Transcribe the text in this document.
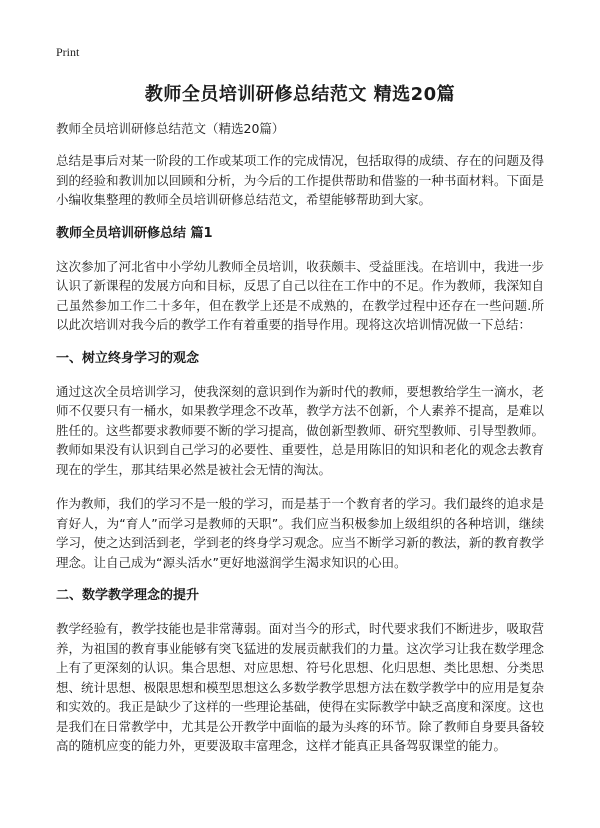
Print
教师全员培训研修总结范文 精选20篇
教师全员培训研修总结范文（精选20篇）

总结是事后对某一阶段的工作或某项工作的完成情况，包括取得的成绩、存在的问题及得到的经验和教训加以回顾和分析，为今后的工作提供帮助和借鉴的一种书面材料。下面是小编收集整理的教师全员培训研修总结范文，希望能够帮助到大家。

教师全员培训研修总结 篇1

这次参加了河北省中小学幼儿教师全员培训，收获颇丰、受益匪浅。在培训中，我进一步认识了新课程的发展方向和目标，反思了自己以往在工作中的不足。作为教师，我深知自己虽然参加工作二十多年，但在教学上还是不成熟的，在教学过程中还存在一些问题.所以此次培训对我今后的教学工作有着重要的指导作用。现将这次培训情况做一下总结：

一、树立终身学习的观念

通过这次全员培训学习，使我深刻的意识到作为新时代的教师，要想教给学生一滴水，老师不仅要只有一桶水，如果教学理念不改革，教学方法不创新，个人素养不提高，是难以胜任的。这些都要求教师要不断的学习提高，做创新型教师、研究型教师、引导型教师。教师如果没有认识到自己学习的必要性、重要性，总是用陈旧的知识和老化的观念去教育现在的学生，那其结果必然是被社会无情的淘汰。

作为教师，我们的学习不是一般的学习，而是基于一个教育者的学习。我们最终的追求是育好人，为“育人”而学习是教师的天职”。我们应当积极参加上级组织的各种培训，继续学习，使之达到活到老，学到老的终身学习观念。应当不断学习新的教法，新的教育教学理念。让自己成为“源头活水”更好地滋润学生渴求知识的心田。

二、数学教学理念的提升

教学经验有，教学技能也是非常薄弱。面对当今的形式，时代要求我们不断进步，吸取营养，为祖国的教育事业能够有突飞猛进的发展贡献我们的力量。这次学习让我在数学理念上有了更深刻的认识。集合思想、对应思想、符号化思想、化归思想、类比思想、分类思想、统计思想、极限思想和模型思想这么多数学教学思想方法在数学教学中的应用是复杂和实效的。我正是缺少了这样的一些理论基础，使得在实际教学中缺乏高度和深度。这也是我们在日常教学中，尤其是公开教学中面临的最为头疼的环节。除了教师自身要具备较高的随机应变的能力外，更要汲取丰富理念，这样才能真正具备驾驭课堂的能力。
